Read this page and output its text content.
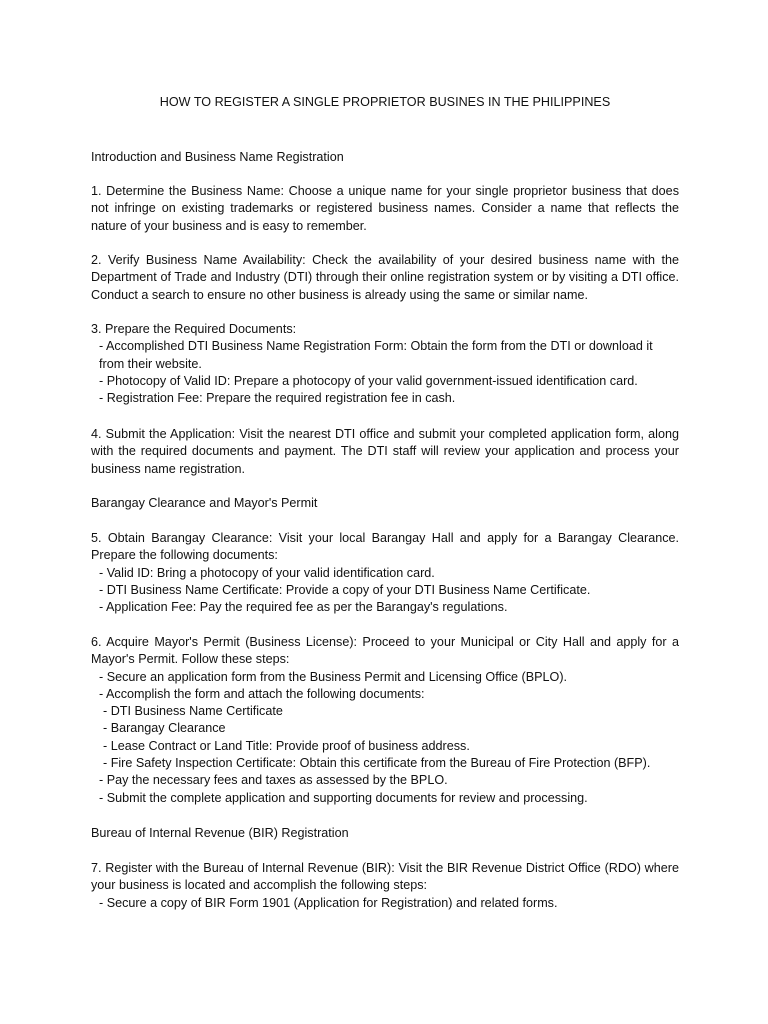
HOW TO REGISTER A SINGLE PROPRIETOR BUSINES IN THE PHILIPPINES
Introduction and Business Name Registration
1. Determine the Business Name: Choose a unique name for your single proprietor business that does not infringe on existing trademarks or registered business names. Consider a name that reflects the nature of your business and is easy to remember.
2. Verify Business Name Availability: Check the availability of your desired business name with the Department of Trade and Industry (DTI) through their online registration system or by visiting a DTI office. Conduct a search to ensure no other business is already using the same or similar name.
3. Prepare the Required Documents:
- Accomplished DTI Business Name Registration Form: Obtain the form from the DTI or download it from their website.
- Photocopy of Valid ID: Prepare a photocopy of your valid government-issued identification card.
- Registration Fee: Prepare the required registration fee in cash.
4. Submit the Application: Visit the nearest DTI office and submit your completed application form, along with the required documents and payment. The DTI staff will review your application and process your business name registration.
Barangay Clearance and Mayor's Permit
5. Obtain Barangay Clearance: Visit your local Barangay Hall and apply for a Barangay Clearance. Prepare the following documents:
- Valid ID: Bring a photocopy of your valid identification card.
- DTI Business Name Certificate: Provide a copy of your DTI Business Name Certificate.
- Application Fee: Pay the required fee as per the Barangay's regulations.
6. Acquire Mayor's Permit (Business License): Proceed to your Municipal or City Hall and apply for a Mayor's Permit. Follow these steps:
- Secure an application form from the Business Permit and Licensing Office (BPLO).
- Accomplish the form and attach the following documents:
- DTI Business Name Certificate
- Barangay Clearance
- Lease Contract or Land Title: Provide proof of business address.
- Fire Safety Inspection Certificate: Obtain this certificate from the Bureau of Fire Protection (BFP).
- Pay the necessary fees and taxes as assessed by the BPLO.
- Submit the complete application and supporting documents for review and processing.
Bureau of Internal Revenue (BIR) Registration
7. Register with the Bureau of Internal Revenue (BIR): Visit the BIR Revenue District Office (RDO) where your business is located and accomplish the following steps:
- Secure a copy of BIR Form 1901 (Application for Registration) and related forms.
